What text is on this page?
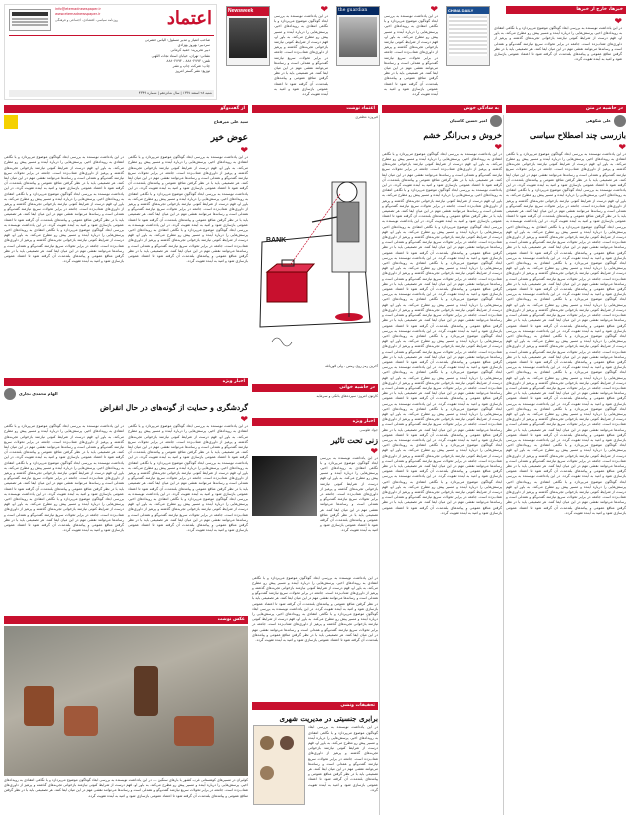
خبرها، خارج از خبرها
info@etemadnewspaper.ir
www.etemadnewspaper.ir
روزنامه سیاسی، اقتصادی، اجتماعی و فرهنگی	اعتماد
صاحب امتیاز و مدیر مسئول: الیاس حضرتی
سردبیر: بهروز بهزادی
دبیر تحریریه: حمید کرمانی
نشانی: تهران، خیابان استاد نجات اللهی
تلفن: ۸۸۸۰۲۷۹۳ - ۸۸۸۰۲۷۹۴
چاپ: شرکت چاپ و نشر
توزیع: نشر گستر امروز
شنبه ۲۸ اسفند ۱۳۹۷ | سال شانزدهم | شماره ۴۳۴۹
Newsweek	❤
در این یادداشت نویسنده به بررسی ابعاد گوناگون موضوع می‌پردازد و با نگاهی انتقادی به رویدادهای اخیر، پرسش‌هایی را درباره آینده و مسیر پیش رو مطرح می‌کند. به باور او، فهم درست از شرایط کنونی نیازمند بازخوانی تجربه‌های گذشته و پرهیز از داوری‌های شتاب‌زده است. جامعه در برابر تحولات سریع نیازمند گفت‌وگو و همدلی است و رسانه‌ها می‌توانند نقشی مهم در این میان ایفا کنند. هر تصمیمی باید با در نظر گرفتن منافع عمومی و پیامدهای بلندمدت آن گرفته شود تا اعتماد عمومی بازسازی شود و امید به آینده تقویت گردد.
the guardian	❤
در این یادداشت نویسنده به بررسی ابعاد گوناگون موضوع می‌پردازد و با نگاهی انتقادی به رویدادهای اخیر، پرسش‌هایی را درباره آینده و مسیر پیش رو مطرح می‌کند. به باور او، فهم درست از شرایط کنونی نیازمند بازخوانی تجربه‌های گذشته و پرهیز از داوری‌های شتاب‌زده است. جامعه در برابر تحولات سریع نیازمند گفت‌وگو و همدلی است و رسانه‌ها می‌توانند نقشی مهم در این میان ایفا کنند. هر تصمیمی باید با در نظر گرفتن منافع عمومی و پیامدهای بلندمدت آن گرفته شود تا اعتماد عمومی بازسازی شود و امید به آینده تقویت گردد.
CHINA DAILY
❤
در این یادداشت نویسنده به بررسی ابعاد گوناگون موضوع می‌پردازد و با نگاهی انتقادی به رویدادهای اخیر، پرسش‌هایی را درباره آینده و مسیر پیش رو مطرح می‌کند. به باور او، فهم درست از شرایط کنونی نیازمند بازخوانی تجربه‌های گذشته و پرهیز از داوری‌های شتاب‌زده است. جامعه در برابر تحولات سریع نیازمند گفت‌وگو و همدلی است و رسانه‌ها می‌توانند نقشی مهم در این میان ایفا کنند. هر تصمیمی باید با در نظر گرفتن منافع عمومی و پیامدهای بلندمدت آن گرفته شود تا اعتماد عمومی بازسازی شود و امید به آینده تقویت گردد.
در حاشیه در متن
به سادگی خوش
اعتماد نوشت
از گفت‌وگو
علی شکوهی
بازرسی چند اصطلاح سیاسی
❤
در این یادداشت نویسنده به بررسی ابعاد گوناگون موضوع می‌پردازد و با نگاهی انتقادی به رویدادهای اخیر، پرسش‌هایی را درباره آینده و مسیر پیش رو مطرح می‌کند. به باور او، فهم درست از شرایط کنونی نیازمند بازخوانی تجربه‌های گذشته و پرهیز از داوری‌های شتاب‌زده است. جامعه در برابر تحولات سریع نیازمند گفت‌وگو و همدلی است و رسانه‌ها می‌توانند نقشی مهم در این میان ایفا کنند. هر تصمیمی باید با در نظر گرفتن منافع عمومی و پیامدهای بلندمدت آن گرفته شود تا اعتماد عمومی بازسازی شود و امید به آینده تقویت گردد. در این یادداشت نویسنده به بررسی ابعاد گوناگون موضوع می‌پردازد و با نگاهی انتقادی به رویدادهای اخیر، پرسش‌هایی را درباره آینده و مسیر پیش رو مطرح می‌کند. به باور او، فهم درست از شرایط کنونی نیازمند بازخوانی تجربه‌های گذشته و پرهیز از داوری‌های شتاب‌زده است. جامعه در برابر تحولات سریع نیازمند گفت‌وگو و همدلی است و رسانه‌ها می‌توانند نقشی مهم در این میان ایفا کنند. هر تصمیمی باید با در نظر گرفتن منافع عمومی و پیامدهای بلندمدت آن گرفته شود تا اعتماد عمومی بازسازی شود و امید به آینده تقویت گردد. در این یادداشت نویسنده به بررسی ابعاد گوناگون موضوع می‌پردازد و با نگاهی انتقادی به رویدادهای اخیر، پرسش‌هایی را درباره آینده و مسیر پیش رو مطرح می‌کند. به باور او، فهم درست از شرایط کنونی نیازمند بازخوانی تجربه‌های گذشته و پرهیز از داوری‌های شتاب‌زده است. جامعه در برابر تحولات سریع نیازمند گفت‌وگو و همدلی است و رسانه‌ها می‌توانند نقشی مهم در این میان ایفا کنند. هر تصمیمی باید با در نظر گرفتن منافع عمومی و پیامدهای بلندمدت آن گرفته شود تا اعتماد عمومی بازسازی شود و امید به آینده تقویت گردد. در این یادداشت نویسنده به بررسی ابعاد گوناگون موضوع می‌پردازد و با نگاهی انتقادی به رویدادهای اخیر، پرسش‌هایی را درباره آینده و مسیر پیش رو مطرح می‌کند. به باور او، فهم درست از شرایط کنونی نیازمند بازخوانی تجربه‌های گذشته و پرهیز از داوری‌های شتاب‌زده است. جامعه در برابر تحولات سریع نیازمند گفت‌وگو و همدلی است و رسانه‌ها می‌توانند نقشی مهم در این میان ایفا کنند. هر تصمیمی باید با در نظر گرفتن منافع عمومی و پیامدهای بلندمدت آن گرفته شود تا اعتماد عمومی بازسازی شود و امید به آینده تقویت گردد. در این یادداشت نویسنده به بررسی ابعاد گوناگون موضوع می‌پردازد و با نگاهی انتقادی به رویدادهای اخیر، پرسش‌هایی را درباره آینده و مسیر پیش رو مطرح می‌کند. به باور او، فهم درست از شرایط کنونی نیازمند بازخوانی تجربه‌های گذشته و پرهیز از داوری‌های شتاب‌زده است. جامعه در برابر تحولات سریع نیازمند گفت‌وگو و همدلی است و رسانه‌ها می‌توانند نقشی مهم در این میان ایفا کنند. هر تصمیمی باید با در نظر گرفتن منافع عمومی و پیامدهای بلندمدت آن گرفته شود تا اعتماد عمومی بازسازی شود و امید به آینده تقویت گردد. در این یادداشت نویسنده به بررسی ابعاد گوناگون موضوع می‌پردازد و با نگاهی انتقادی به رویدادهای اخیر، پرسش‌هایی را درباره آینده و مسیر پیش رو مطرح می‌کند. به باور او، فهم درست از شرایط کنونی نیازمند بازخوانی تجربه‌های گذشته و پرهیز از داوری‌های شتاب‌زده است. جامعه در برابر تحولات سریع نیازمند گفت‌وگو و همدلی است و رسانه‌ها می‌توانند نقشی مهم در این میان ایفا کنند. هر تصمیمی باید با در نظر گرفتن منافع عمومی و پیامدهای بلندمدت آن گرفته شود تا اعتماد عمومی بازسازی شود و امید به آینده تقویت گردد. در این یادداشت نویسنده به بررسی ابعاد گوناگون موضوع می‌پردازد و با نگاهی انتقادی به رویدادهای اخیر، پرسش‌هایی را درباره آینده و مسیر پیش رو مطرح می‌کند. به باور او، فهم درست از شرایط کنونی نیازمند بازخوانی تجربه‌های گذشته و پرهیز از داوری‌های شتاب‌زده است. جامعه در برابر تحولات سریع نیازمند گفت‌وگو و همدلی است و رسانه‌ها می‌توانند نقشی مهم در این میان ایفا کنند. هر تصمیمی باید با در نظر گرفتن منافع عمومی و پیامدهای بلندمدت آن گرفته شود تا اعتماد عمومی بازسازی شود و امید به آینده تقویت گردد. در این یادداشت نویسنده به بررسی ابعاد گوناگون موضوع می‌پردازد و با نگاهی انتقادی به رویدادهای اخیر، پرسش‌هایی را درباره آینده و مسیر پیش رو مطرح می‌کند. به باور او، فهم درست از شرایط کنونی نیازمند بازخوانی تجربه‌های گذشته و پرهیز از داوری‌های شتاب‌زده است. جامعه در برابر تحولات سریع نیازمند گفت‌وگو و همدلی است و رسانه‌ها می‌توانند نقشی مهم در این میان ایفا کنند. هر تصمیمی باید با در نظر گرفتن منافع عمومی و پیامدهای بلندمدت آن گرفته شود تا اعتماد عمومی بازسازی شود و امید به آینده تقویت گردد. در این یادداشت نویسنده به بررسی ابعاد گوناگون موضوع می‌پردازد و با نگاهی انتقادی به رویدادهای اخیر، پرسش‌هایی را درباره آینده و مسیر پیش رو مطرح می‌کند. به باور او، فهم درست از شرایط کنونی نیازمند بازخوانی تجربه‌های گذشته و پرهیز از داوری‌های شتاب‌زده است. جامعه در برابر تحولات سریع نیازمند گفت‌وگو و همدلی است و رسانه‌ها می‌توانند نقشی مهم در این میان ایفا کنند. هر تصمیمی باید با در نظر گرفتن منافع عمومی و پیامدهای بلندمدت آن گرفته شود تا اعتماد عمومی بازسازی شود و امید به آینده تقویت گردد. در این یادداشت نویسنده به بررسی ابعاد گوناگون موضوع می‌پردازد و با نگاهی انتقادی به رویدادهای اخیر، پرسش‌هایی را درباره آینده و مسیر پیش رو مطرح می‌کند. به باور او، فهم درست از شرایط کنونی نیازمند بازخوانی تجربه‌های گذشته و پرهیز از داوری‌های شتاب‌زده است. جامعه در برابر تحولات سریع نیازمند گفت‌وگو و همدلی است و رسانه‌ها می‌توانند نقشی مهم در این میان ایفا کنند. هر تصمیمی باید با در نظر گرفتن منافع عمومی و پیامدهای بلندمدت آن گرفته شود تا اعتماد عمومی بازسازی شود و امید به آینده تقویت گردد.
امیر حسین کاسبان
خروش و بی‌رانگر خشم
❤
در این یادداشت نویسنده به بررسی ابعاد گوناگون موضوع می‌پردازد و با نگاهی انتقادی به رویدادهای اخیر، پرسش‌هایی را درباره آینده و مسیر پیش رو مطرح می‌کند. به باور او، فهم درست از شرایط کنونی نیازمند بازخوانی تجربه‌های گذشته و پرهیز از داوری‌های شتاب‌زده است. جامعه در برابر تحولات سریع نیازمند گفت‌وگو و همدلی است و رسانه‌ها می‌توانند نقشی مهم در این میان ایفا کنند. هر تصمیمی باید با در نظر گرفتن منافع عمومی و پیامدهای بلندمدت آن گرفته شود تا اعتماد عمومی بازسازی شود و امید به آینده تقویت گردد. در این یادداشت نویسنده به بررسی ابعاد گوناگون موضوع می‌پردازد و با نگاهی انتقادی به رویدادهای اخیر، پرسش‌هایی را درباره آینده و مسیر پیش رو مطرح می‌کند. به باور او، فهم درست از شرایط کنونی نیازمند بازخوانی تجربه‌های گذشته و پرهیز از داوری‌های شتاب‌زده است. جامعه در برابر تحولات سریع نیازمند گفت‌وگو و همدلی است و رسانه‌ها می‌توانند نقشی مهم در این میان ایفا کنند. هر تصمیمی باید با در نظر گرفتن منافع عمومی و پیامدهای بلندمدت آن گرفته شود تا اعتماد عمومی بازسازی شود و امید به آینده تقویت گردد. در این یادداشت نویسنده به بررسی ابعاد گوناگون موضوع می‌پردازد و با نگاهی انتقادی به رویدادهای اخیر، پرسش‌هایی را درباره آینده و مسیر پیش رو مطرح می‌کند. به باور او، فهم درست از شرایط کنونی نیازمند بازخوانی تجربه‌های گذشته و پرهیز از داوری‌های شتاب‌زده است. جامعه در برابر تحولات سریع نیازمند گفت‌وگو و همدلی است و رسانه‌ها می‌توانند نقشی مهم در این میان ایفا کنند. هر تصمیمی باید با در نظر گرفتن منافع عمومی و پیامدهای بلندمدت آن گرفته شود تا اعتماد عمومی بازسازی شود و امید به آینده تقویت گردد. در این یادداشت نویسنده به بررسی ابعاد گوناگون موضوع می‌پردازد و با نگاهی انتقادی به رویدادهای اخیر، پرسش‌هایی را درباره آینده و مسیر پیش رو مطرح می‌کند. به باور او، فهم درست از شرایط کنونی نیازمند بازخوانی تجربه‌های گذشته و پرهیز از داوری‌های شتاب‌زده است. جامعه در برابر تحولات سریع نیازمند گفت‌وگو و همدلی است و رسانه‌ها می‌توانند نقشی مهم در این میان ایفا کنند. هر تصمیمی باید با در نظر گرفتن منافع عمومی و پیامدهای بلندمدت آن گرفته شود تا اعتماد عمومی بازسازی شود و امید به آینده تقویت گردد. در این یادداشت نویسنده به بررسی ابعاد گوناگون موضوع می‌پردازد و با نگاهی انتقادی به رویدادهای اخیر، پرسش‌هایی را درباره آینده و مسیر پیش رو مطرح می‌کند. به باور او، فهم درست از شرایط کنونی نیازمند بازخوانی تجربه‌های گذشته و پرهیز از داوری‌های شتاب‌زده است. جامعه در برابر تحولات سریع نیازمند گفت‌وگو و همدلی است و رسانه‌ها می‌توانند نقشی مهم در این میان ایفا کنند. هر تصمیمی باید با در نظر گرفتن منافع عمومی و پیامدهای بلندمدت آن گرفته شود تا اعتماد عمومی بازسازی شود و امید به آینده تقویت گردد. در این یادداشت نویسنده به بررسی ابعاد گوناگون موضوع می‌پردازد و با نگاهی انتقادی به رویدادهای اخیر، پرسش‌هایی را درباره آینده و مسیر پیش رو مطرح می‌کند. به باور او، فهم درست از شرایط کنونی نیازمند بازخوانی تجربه‌های گذشته و پرهیز از داوری‌های شتاب‌زده است. جامعه در برابر تحولات سریع نیازمند گفت‌وگو و همدلی است و رسانه‌ها می‌توانند نقشی مهم در این میان ایفا کنند. هر تصمیمی باید با در نظر گرفتن منافع عمومی و پیامدهای بلندمدت آن گرفته شود تا اعتماد عمومی بازسازی شود و امید به آینده تقویت گردد. در این یادداشت نویسنده به بررسی ابعاد گوناگون موضوع می‌پردازد و با نگاهی انتقادی به رویدادهای اخیر، پرسش‌هایی را درباره آینده و مسیر پیش رو مطرح می‌کند. به باور او، فهم درست از شرایط کنونی نیازمند بازخوانی تجربه‌های گذشته و پرهیز از داوری‌های شتاب‌زده است. جامعه در برابر تحولات سریع نیازمند گفت‌وگو و همدلی است و رسانه‌ها می‌توانند نقشی مهم در این میان ایفا کنند. هر تصمیمی باید با در نظر گرفتن منافع عمومی و پیامدهای بلندمدت آن گرفته شود تا اعتماد عمومی بازسازی شود و امید به آینده تقویت گردد. در این یادداشت نویسنده به بررسی ابعاد گوناگون موضوع می‌پردازد و با نگاهی انتقادی به رویدادهای اخیر، پرسش‌هایی را درباره آینده و مسیر پیش رو مطرح می‌کند. به باور او، فهم درست از شرایط کنونی نیازمند بازخوانی تجربه‌های گذشته و پرهیز از داوری‌های شتاب‌زده است. جامعه در برابر تحولات سریع نیازمند گفت‌وگو و همدلی است و رسانه‌ها می‌توانند نقشی مهم در این میان ایفا کنند. هر تصمیمی باید با در نظر گرفتن منافع عمومی و پیامدهای بلندمدت آن گرفته شود تا اعتماد عمومی بازسازی شود و امید به آینده تقویت گردد. در این یادداشت نویسنده به بررسی ابعاد گوناگون موضوع می‌پردازد و با نگاهی انتقادی به رویدادهای اخیر، پرسش‌هایی را درباره آینده و مسیر پیش رو مطرح می‌کند. به باور او، فهم درست از شرایط کنونی نیازمند بازخوانی تجربه‌های گذشته و پرهیز از داوری‌های شتاب‌زده است. جامعه در برابر تحولات سریع نیازمند گفت‌وگو و همدلی است و رسانه‌ها می‌توانند نقشی مهم در این میان ایفا کنند. هر تصمیمی باید با در نظر گرفتن منافع عمومی و پیامدهای بلندمدت آن گرفته شود تا اعتماد عمومی بازسازی شود و امید به آینده تقویت گردد. در این یادداشت نویسنده به بررسی ابعاد گوناگون موضوع می‌پردازد و با نگاهی انتقادی به رویدادهای اخیر، پرسش‌هایی را درباره آینده و مسیر پیش رو مطرح می‌کند. به باور او، فهم درست از شرایط کنونی نیازمند بازخوانی تجربه‌های گذشته و پرهیز از داوری‌های شتاب‌زده است. جامعه در برابر تحولات سریع نیازمند گفت‌وگو و همدلی است و رسانه‌ها می‌توانند نقشی مهم در این میان ایفا کنند. هر تصمیمی باید با در نظر گرفتن منافع عمومی و پیامدهای بلندمدت آن گرفته شود تا اعتماد عمومی بازسازی شود و امید به آینده تقویت گردد.
فیروزه مظفری
BANK
آخرین رمز روی رمس - ولی قورباغه
در حاشیه خوانی
کارتون امروز: سپرده‌های بانکی و سرمایه
اخبار ویژه
جواد طوسی
زنی تحت تاثیر
❤
در این یادداشت نویسنده به بررسی ابعاد گوناگون موضوع می‌پردازد و با نگاهی انتقادی به رویدادهای اخیر، پرسش‌هایی را درباره آینده و مسیر پیش رو مطرح می‌کند. به باور او، فهم درست از شرایط کنونی نیازمند بازخوانی تجربه‌های گذشته و پرهیز از داوری‌های شتاب‌زده است. جامعه در برابر تحولات سریع نیازمند گفت‌وگو و همدلی است و رسانه‌ها می‌توانند نقشی مهم در این میان ایفا کنند. هر تصمیمی باید با در نظر گرفتن منافع عمومی و پیامدهای بلندمدت آن گرفته شود تا اعتماد عمومی بازسازی شود و امید به آینده تقویت گردد.
در این یادداشت نویسنده به بررسی ابعاد گوناگون موضوع می‌پردازد و با نگاهی انتقادی به رویدادهای اخیر، پرسش‌هایی را درباره آینده و مسیر پیش رو مطرح می‌کند. به باور او، فهم درست از شرایط کنونی نیازمند بازخوانی تجربه‌های گذشته و پرهیز از داوری‌های شتاب‌زده است. جامعه در برابر تحولات سریع نیازمند گفت‌وگو و همدلی است و رسانه‌ها می‌توانند نقشی مهم در این میان ایفا کنند. هر تصمیمی باید با در نظر گرفتن منافع عمومی و پیامدهای بلندمدت آن گرفته شود تا اعتماد عمومی بازسازی شود و امید به آینده تقویت گردد. در این یادداشت نویسنده به بررسی ابعاد گوناگون موضوع می‌پردازد و با نگاهی انتقادی به رویدادهای اخیر، پرسش‌هایی را درباره آینده و مسیر پیش رو مطرح می‌کند. به باور او، فهم درست از شرایط کنونی نیازمند بازخوانی تجربه‌های گذشته و پرهیز از داوری‌های شتاب‌زده است. جامعه در برابر تحولات سریع نیازمند گفت‌وگو و همدلی است و رسانه‌ها می‌توانند نقشی مهم در این میان ایفا کنند. هر تصمیمی باید با در نظر گرفتن منافع عمومی و پیامدهای بلندمدت آن گرفته شود تا اعتماد عمومی بازسازی شود و امید به آینده تقویت گردد.
تحقیقات ونشی
برابری جنسیتی در مدیریت شهری
در این یادداشت نویسنده به بررسی ابعاد گوناگون موضوع می‌پردازد و با نگاهی انتقادی به رویدادهای اخیر، پرسش‌هایی را درباره آینده و مسیر پیش رو مطرح می‌کند. به باور او، فهم درست از شرایط کنونی نیازمند بازخوانی تجربه‌های گذشته و پرهیز از داوری‌های شتاب‌زده است. جامعه در برابر تحولات سریع نیازمند گفت‌وگو و همدلی است و رسانه‌ها می‌توانند نقشی مهم در این میان ایفا کنند. هر تصمیمی باید با در نظر گرفتن منافع عمومی و پیامدهای بلندمدت آن گرفته شود تا اعتماد عمومی بازسازی شود و امید به آینده تقویت گردد.
سید علی میرفتاح
عوض خیر
❤
در این یادداشت نویسنده به بررسی ابعاد گوناگون موضوع می‌پردازد و با نگاهی انتقادی به رویدادهای اخیر، پرسش‌هایی را درباره آینده و مسیر پیش رو مطرح می‌کند. به باور او، فهم درست از شرایط کنونی نیازمند بازخوانی تجربه‌های گذشته و پرهیز از داوری‌های شتاب‌زده است. جامعه در برابر تحولات سریع نیازمند گفت‌وگو و همدلی است و رسانه‌ها می‌توانند نقشی مهم در این میان ایفا کنند. هر تصمیمی باید با در نظر گرفتن منافع عمومی و پیامدهای بلندمدت آن گرفته شود تا اعتماد عمومی بازسازی شود و امید به آینده تقویت گردد. در این یادداشت نویسنده به بررسی ابعاد گوناگون موضوع می‌پردازد و با نگاهی انتقادی به رویدادهای اخیر، پرسش‌هایی را درباره آینده و مسیر پیش رو مطرح می‌کند. به باور او، فهم درست از شرایط کنونی نیازمند بازخوانی تجربه‌های گذشته و پرهیز از داوری‌های شتاب‌زده است. جامعه در برابر تحولات سریع نیازمند گفت‌وگو و همدلی است و رسانه‌ها می‌توانند نقشی مهم در این میان ایفا کنند. هر تصمیمی باید با در نظر گرفتن منافع عمومی و پیامدهای بلندمدت آن گرفته شود تا اعتماد عمومی بازسازی شود و امید به آینده تقویت گردد. در این یادداشت نویسنده به بررسی ابعاد گوناگون موضوع می‌پردازد و با نگاهی انتقادی به رویدادهای اخیر، پرسش‌هایی را درباره آینده و مسیر پیش رو مطرح می‌کند. به باور او، فهم درست از شرایط کنونی نیازمند بازخوانی تجربه‌های گذشته و پرهیز از داوری‌های شتاب‌زده است. جامعه در برابر تحولات سریع نیازمند گفت‌وگو و همدلی است و رسانه‌ها می‌توانند نقشی مهم در این میان ایفا کنند. هر تصمیمی باید با در نظر گرفتن منافع عمومی و پیامدهای بلندمدت آن گرفته شود تا اعتماد عمومی بازسازی شود و امید به آینده تقویت گردد.
در این یادداشت نویسنده به بررسی ابعاد گوناگون موضوع می‌پردازد و با نگاهی انتقادی به رویدادهای اخیر، پرسش‌هایی را درباره آینده و مسیر پیش رو مطرح می‌کند. به باور او، فهم درست از شرایط کنونی نیازمند بازخوانی تجربه‌های گذشته و پرهیز از داوری‌های شتاب‌زده است. جامعه در برابر تحولات سریع نیازمند گفت‌وگو و همدلی است و رسانه‌ها می‌توانند نقشی مهم در این میان ایفا کنند. هر تصمیمی باید با در نظر گرفتن منافع عمومی و پیامدهای بلندمدت آن گرفته شود تا اعتماد عمومی بازسازی شود و امید به آینده تقویت گردد. در این یادداشت نویسنده به بررسی ابعاد گوناگون موضوع می‌پردازد و با نگاهی انتقادی به رویدادهای اخیر، پرسش‌هایی را درباره آینده و مسیر پیش رو مطرح می‌کند. به باور او، فهم درست از شرایط کنونی نیازمند بازخوانی تجربه‌های گذشته و پرهیز از داوری‌های شتاب‌زده است. جامعه در برابر تحولات سریع نیازمند گفت‌وگو و همدلی است و رسانه‌ها می‌توانند نقشی مهم در این میان ایفا کنند. هر تصمیمی باید با در نظر گرفتن منافع عمومی و پیامدهای بلندمدت آن گرفته شود تا اعتماد عمومی بازسازی شود و امید به آینده تقویت گردد. در این یادداشت نویسنده به بررسی ابعاد گوناگون موضوع می‌پردازد و با نگاهی انتقادی به رویدادهای اخیر، پرسش‌هایی را درباره آینده و مسیر پیش رو مطرح می‌کند. به باور او، فهم درست از شرایط کنونی نیازمند بازخوانی تجربه‌های گذشته و پرهیز از داوری‌های شتاب‌زده است. جامعه در برابر تحولات سریع نیازمند گفت‌وگو و همدلی است و رسانه‌ها می‌توانند نقشی مهم در این میان ایفا کنند. هر تصمیمی باید با در نظر گرفتن منافع عمومی و پیامدهای بلندمدت آن گرفته شود تا اعتماد عمومی بازسازی شود و امید به آینده تقویت گردد.
اخبار ویژه
الهام محمدی نجاری
گردشگری و حمایت از گونه‌های در حال انقراض
❤
در این یادداشت نویسنده به بررسی ابعاد گوناگون موضوع می‌پردازد و با نگاهی انتقادی به رویدادهای اخیر، پرسش‌هایی را درباره آینده و مسیر پیش رو مطرح می‌کند. به باور او، فهم درست از شرایط کنونی نیازمند بازخوانی تجربه‌های گذشته و پرهیز از داوری‌های شتاب‌زده است. جامعه در برابر تحولات سریع نیازمند گفت‌وگو و همدلی است و رسانه‌ها می‌توانند نقشی مهم در این میان ایفا کنند. هر تصمیمی باید با در نظر گرفتن منافع عمومی و پیامدهای بلندمدت آن گرفته شود تا اعتماد عمومی بازسازی شود و امید به آینده تقویت گردد. در این یادداشت نویسنده به بررسی ابعاد گوناگون موضوع می‌پردازد و با نگاهی انتقادی به رویدادهای اخیر، پرسش‌هایی را درباره آینده و مسیر پیش رو مطرح می‌کند. به باور او، فهم درست از شرایط کنونی نیازمند بازخوانی تجربه‌های گذشته و پرهیز از داوری‌های شتاب‌زده است. جامعه در برابر تحولات سریع نیازمند گفت‌وگو و همدلی است و رسانه‌ها می‌توانند نقشی مهم در این میان ایفا کنند. هر تصمیمی باید با در نظر گرفتن منافع عمومی و پیامدهای بلندمدت آن گرفته شود تا اعتماد عمومی بازسازی شود و امید به آینده تقویت گردد. در این یادداشت نویسنده به بررسی ابعاد گوناگون موضوع می‌پردازد و با نگاهی انتقادی به رویدادهای اخیر، پرسش‌هایی را درباره آینده و مسیر پیش رو مطرح می‌کند. به باور او، فهم درست از شرایط کنونی نیازمند بازخوانی تجربه‌های گذشته و پرهیز از داوری‌های شتاب‌زده است. جامعه در برابر تحولات سریع نیازمند گفت‌وگو و همدلی است و رسانه‌ها می‌توانند نقشی مهم در این میان ایفا کنند. هر تصمیمی باید با در نظر گرفتن منافع عمومی و پیامدهای بلندمدت آن گرفته شود تا اعتماد عمومی بازسازی شود و امید به آینده تقویت گردد.
در این یادداشت نویسنده به بررسی ابعاد گوناگون موضوع می‌پردازد و با نگاهی انتقادی به رویدادهای اخیر، پرسش‌هایی را درباره آینده و مسیر پیش رو مطرح می‌کند. به باور او، فهم درست از شرایط کنونی نیازمند بازخوانی تجربه‌های گذشته و پرهیز از داوری‌های شتاب‌زده است. جامعه در برابر تحولات سریع نیازمند گفت‌وگو و همدلی است و رسانه‌ها می‌توانند نقشی مهم در این میان ایفا کنند. هر تصمیمی باید با در نظر گرفتن منافع عمومی و پیامدهای بلندمدت آن گرفته شود تا اعتماد عمومی بازسازی شود و امید به آینده تقویت گردد. در این یادداشت نویسنده به بررسی ابعاد گوناگون موضوع می‌پردازد و با نگاهی انتقادی به رویدادهای اخیر، پرسش‌هایی را درباره آینده و مسیر پیش رو مطرح می‌کند. به باور او، فهم درست از شرایط کنونی نیازمند بازخوانی تجربه‌های گذشته و پرهیز از داوری‌های شتاب‌زده است. جامعه در برابر تحولات سریع نیازمند گفت‌وگو و همدلی است و رسانه‌ها می‌توانند نقشی مهم در این میان ایفا کنند. هر تصمیمی باید با در نظر گرفتن منافع عمومی و پیامدهای بلندمدت آن گرفته شود تا اعتماد عمومی بازسازی شود و امید به آینده تقویت گردد. در این یادداشت نویسنده به بررسی ابعاد گوناگون موضوع می‌پردازد و با نگاهی انتقادی به رویدادهای اخیر، پرسش‌هایی را درباره آینده و مسیر پیش رو مطرح می‌کند. به باور او، فهم درست از شرایط کنونی نیازمند بازخوانی تجربه‌های گذشته و پرهیز از داوری‌های شتاب‌زده است. جامعه در برابر تحولات سریع نیازمند گفت‌وگو و همدلی است و رسانه‌ها می‌توانند نقشی مهم در این میان ایفا کنند. هر تصمیمی باید با در نظر گرفتن منافع عمومی و پیامدهای بلندمدت آن گرفته شود تا اعتماد عمومی بازسازی شود و امید به آینده تقویت گردد.
عکس نوشت
کولبران در مسیرهای کوهستانی غرب کشور با بارهای سنگین — در این یادداشت نویسنده به بررسی ابعاد گوناگون موضوع می‌پردازد و با نگاهی انتقادی به رویدادهای اخیر، پرسش‌هایی را درباره آینده و مسیر پیش رو مطرح می‌کند. به باور او، فهم درست از شرایط کنونی نیازمند بازخوانی تجربه‌های گذشته و پرهیز از داوری‌های شتاب‌زده است. جامعه در برابر تحولات سریع نیازمند گفت‌وگو و همدلی است و رسانه‌ها می‌توانند نقشی مهم در این میان ایفا کنند. هر تصمیمی باید با در نظر گرفتن منافع عمومی و پیامدهای بلندمدت آن گرفته شود تا اعتماد عمومی بازسازی شود و امید به آینده تقویت گردد.
